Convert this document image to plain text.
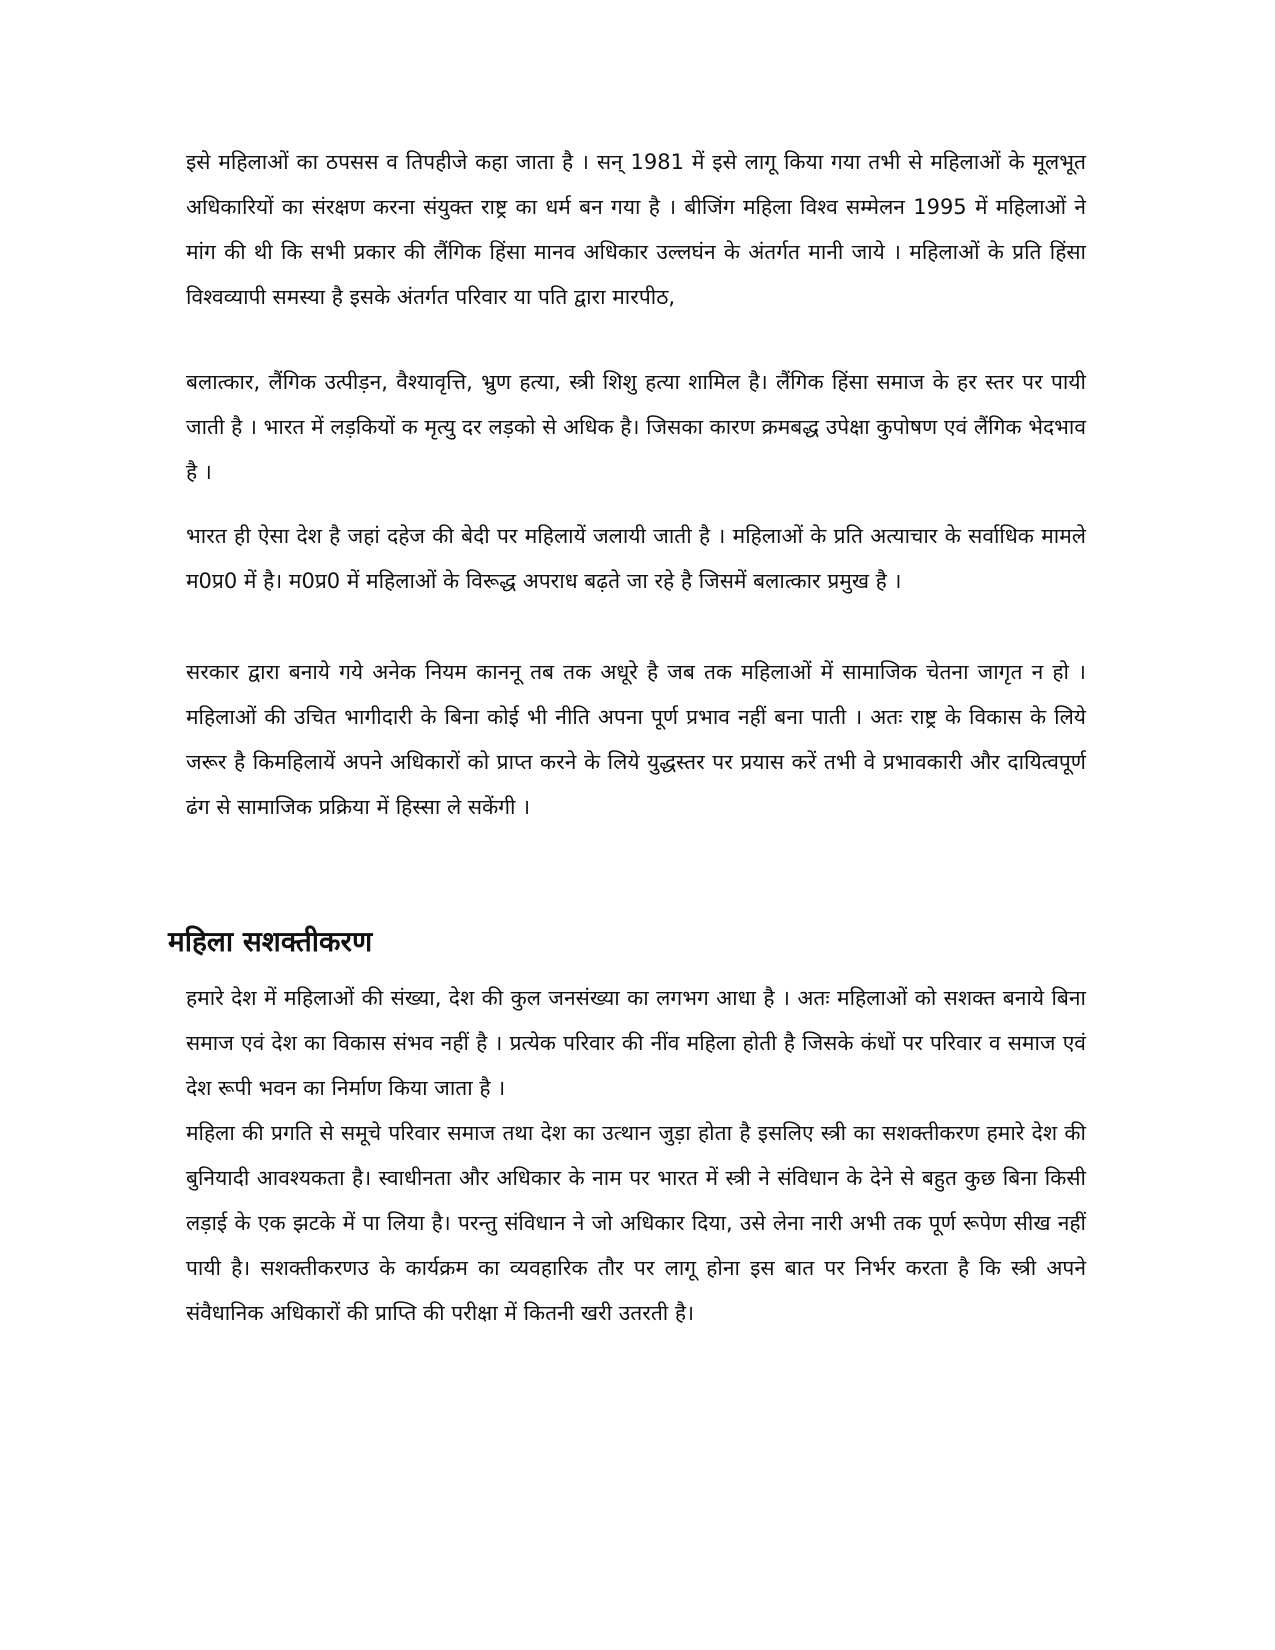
इसे महिलाओं का ठपसस व तिपहीजे कहा जाता है । सन् 1981 में इसे लागू किया गया तभी से महिलाओं के मूलभूत अधिकारियों का संरक्षण करना संयुक्त राष्ट्र का धर्म बन गया है । बीजिंग महिला विश्व सम्मेलन 1995 में महिलाओं ने मांग की थी कि सभी प्रकार की लैंगिक हिंसा मानव अधिकार उल्लघंन के अंतर्गत मानी जाये । महिलाओं के प्रति हिंसा विश्वव्यापी समस्या है इसके अंतर्गत परिवार या पति द्वारा मारपीठ,

बलात्कार, लैंगिक उत्पीड़न, वैश्यावृत्ति, भ्रुण हत्या, स्त्री शिशु हत्या शामिल है। लैंगिक हिंसा समाज के हर स्तर पर पायी जाती है । भारत में लड़कियों क मृत्यु दर लड़को से अधिक है। जिसका कारण क्रमबद्ध उपेक्षा कुपोषण एवं लैंगिक भेदभाव है ।

भारत ही ऐसा देश है जहां दहेज की बेदी पर महिलायें जलायी जाती है । महिलाओं के प्रति अत्याचार के सर्वाधिक मामले म0प्र0 में है। म0प्र0 में महिलाओं के विरूद्ध अपराध बढ़ते जा रहे है जिसमें बलात्कार प्रमुख है ।

सरकार द्वारा बनाये गये अनेक नियम काननू तब तक अधूरे है जब तक महिलाओं में सामाजिक चेतना जागृत न हो । महिलाओं की उचित भागीदारी के बिना कोई भी नीति अपना पूर्ण प्रभाव नहीं बना पाती । अतः राष्ट्र के विकास के लिये जरूर है किमहिलायें अपने अधिकारों को प्राप्त करने के लिये युद्धस्तर पर प्रयास करें तभी वे प्रभावकारी और दायित्वपूर्ण ढंग से सामाजिक प्रक्रिया में हिस्सा ले सकेंगी ।

महिला सशक्तीकरण

हमारे देश में महिलाओं की संख्या, देश की कुल जनसंख्या का लगभग आधा है । अतः महिलाओं को सशक्त बनाये बिना समाज एवं देश का विकास संभव नहीं है । प्रत्येक परिवार की नींव महिला होती है जिसके कंधों पर परिवार व समाज एवं देश रूपी भवन का निर्माण किया जाता है ।

महिला की प्रगति से समूचे परिवार समाज तथा देश का उत्थान जुड़ा होता है इसलिए स्त्री का सशक्तीकरण हमारे देश की बुनियादी आवश्यकता है। स्वाधीनता और अधिकार के नाम पर भारत में स्त्री ने संविधान के देने से बहुत कुछ बिना किसी लड़ाई के एक झटके में पा लिया है। परन्तु संविधान ने जो अधिकार दिया, उसे लेना नारी अभी तक पूर्ण रूपेण सीख नहीं पायी है। सशक्तीकरणउ के कार्यक्रम का व्यवहारिक तौर पर लागू होना इस बात पर निर्भर करता है कि स्त्री अपने संवैधानिक अधिकारों की प्राप्ति की परीक्षा में कितनी खरी उतरती है।
